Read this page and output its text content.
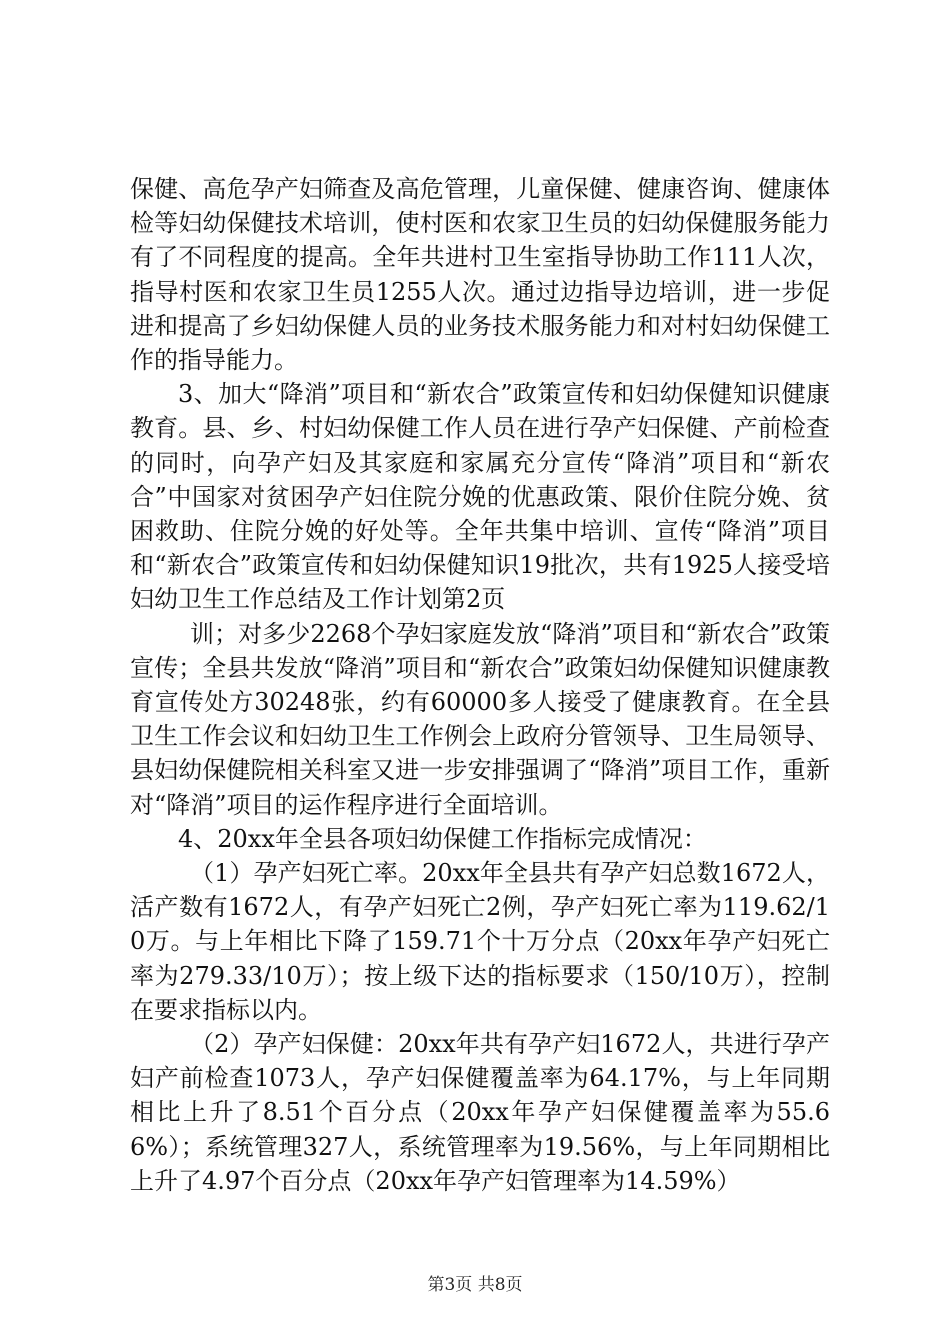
保健、高危孕产妇筛查及高危管理，儿童保健、健康咨询、健康体检等妇幼保健技术培训，使村医和农家卫生员的妇幼保健服务能力有了不同程度的提高。全年共进村卫生室指导协助工作111人次，指导村医和农家卫生员1255人次。通过边指导边培训，进一步促进和提高了乡妇幼保健人员的业务技术服务能力和对村妇幼保健工作的指导能力。

3、加大“降消”项目和“新农合”政策宣传和妇幼保健知识健康教育。县、乡、村妇幼保健工作人员在进行孕产妇保健、产前检查的同时，向孕产妇及其家庭和家属充分宣传“降消”项目和“新农合”中国家对贫困孕产妇住院分娩的优惠政策、限价住院分娩、贫困救助、住院分娩的好处等。全年共集中培训、宣传“降消”项目和“新农合”政策宣传和妇幼保健知识19批次，共有1925人接受培妇幼卫生工作总结及工作计划第2页

训；对多少2268个孕妇家庭发放“降消”项目和“新农合”政策宣传；全县共发放“降消”项目和“新农合”政策妇幼保健知识健康教育宣传处方30248张，约有60000多人接受了健康教育。在全县卫生工作会议和妇幼卫生工作例会上政府分管领导、卫生局领导、县妇幼保健院相关科室又进一步安排强调了“降消”项目工作，重新对“降消”项目的运作程序进行全面培训。

4、20xx年全县各项妇幼保健工作指标完成情况：

（1）孕产妇死亡率。20xx年全县共有孕产妇总数1672人，活产数有1672人，有孕产妇死亡2例，孕产妇死亡率为119.62/10万。与上年相比下降了159.71个十万分点（20xx年孕产妇死亡率为279.33/10万）；按上级下达的指标要求（150/10万），控制在要求指标以内。

（2）孕产妇保健：20xx年共有孕产妇1672人，共进行孕产妇产前检查1073人，孕产妇保健覆盖率为64.17%，与上年同期相比上升了8.51个百分点（20xx年孕产妇保健覆盖率为55.66%）；系统管理327人，系统管理率为19.56%，与上年同期相比上升了4.97个百分点（20xx年孕产妇管理率为14.59%）

第3页 共8页
